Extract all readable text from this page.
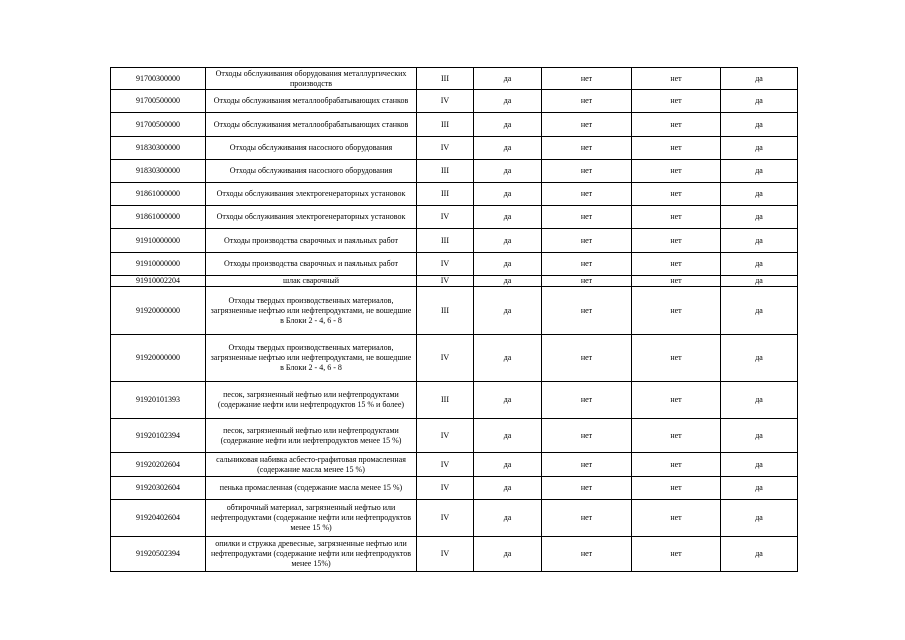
91700300000	Отходы обслуживания оборудования металлургических производств	III	да	нет	нет	да
91700500000	Отходы обслуживания металлообрабатывающих станков	IV	да	нет	нет	да
91700500000	Отходы обслуживания металлообрабатывающих станков	III	да	нет	нет	да
91830300000	Отходы обслуживания насосного оборудования	IV	да	нет	нет	да
91830300000	Отходы обслуживания насосного оборудования	III	да	нет	нет	да
91861000000	Отходы обслуживания электрогенераторных установок	III	да	нет	нет	да
91861000000	Отходы обслуживания электрогенераторных установок	IV	да	нет	нет	да
91910000000	Отходы производства сварочных и паяльных работ	III	да	нет	нет	да
91910000000	Отходы производства сварочных и паяльных работ	IV	да	нет	нет	да
91910002204	шлак сварочный	IV	да	нет	нет	да
91920000000	Отходы твердых производственных материалов, загрязненные нефтью или нефтепродуктами, не вошедшие в Блоки 2 - 4, 6 - 8	III	да	нет	нет	да
91920000000	Отходы твердых производственных материалов, загрязненные нефтью или нефтепродуктами, не вошедшие в Блоки 2 - 4, 6 - 8	IV	да	нет	нет	да
91920101393	песок, загрязненный нефтью или нефтепродуктами (содержание нефти или нефтепродуктов 15 % и более)	III	да	нет	нет	да
91920102394	песок, загрязненный нефтью или нефтепродуктами (содержание нефти или нефтепродуктов менее 15 %)	IV	да	нет	нет	да
91920202604	сальниковая набивка асбесто-графитовая промасленная (содержание масла менее 15 %)	IV	да	нет	нет	да
91920302604	пенька промасленная (содержание масла менее 15 %)	IV	да	нет	нет	да
91920402604	обтирочный материал, загрязненный нефтью или нефтепродуктами (содержание нефти или нефтепродуктов менее 15 %)	IV	да	нет	нет	да
91920502394	опилки и стружка древесные, загрязненные нефтью или нефтепродуктами (содержание нефти или нефтепродуктов менее 15%)	IV	да	нет	нет	да
